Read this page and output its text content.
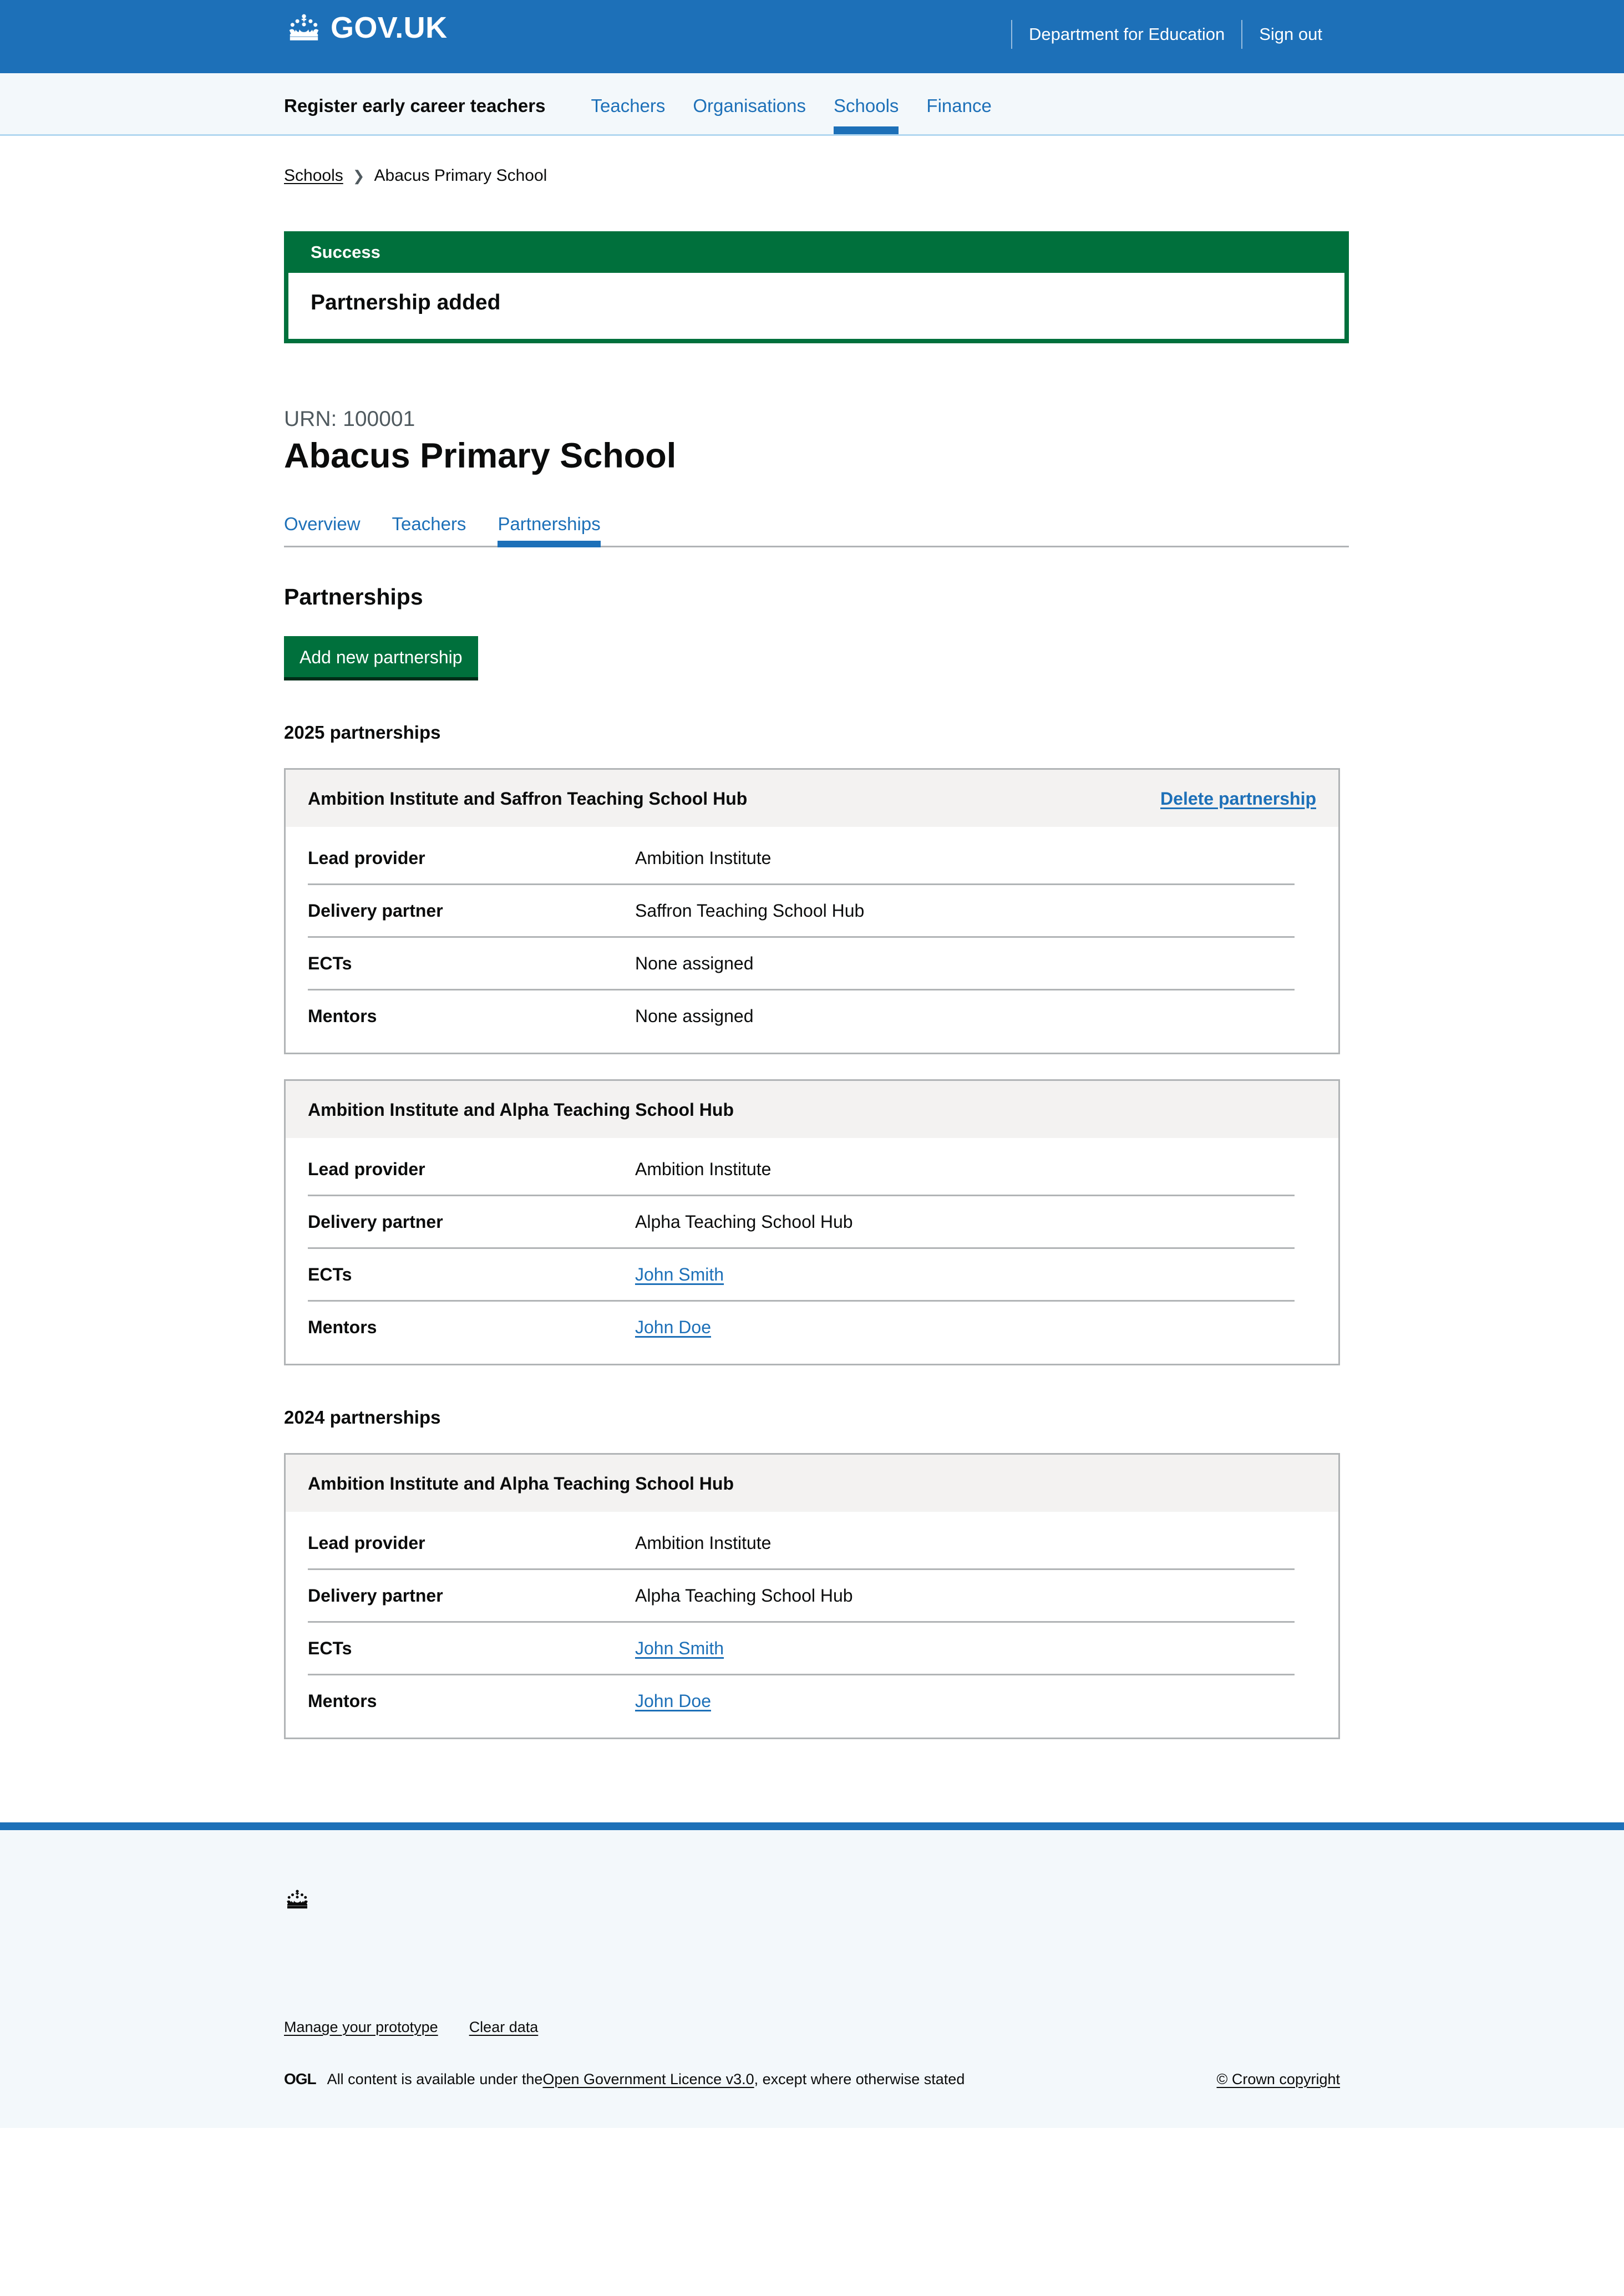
GOV.UK	Department for Education	Sign out
Register early career teachers	Teachers	Organisations	Schools	Finance
Schools ❯ Abacus Primary School
Success

Partnership added

URN: 100001
Abacus Primary School
Overview Teachers Partnerships
Partnerships
Add new partnership
2025 partnerships
Ambition Institute and Saffron Teaching School Hub	Delete partnership
Lead provider	Ambition Institute
Delivery partner	Saffron Teaching School Hub
ECTs	None assigned
Mentors	None assigned
Ambition Institute and Alpha Teaching School Hub
Lead provider	Ambition Institute
Delivery partner	Alpha Teaching School Hub
ECTs	John Smith
Mentors	John Doe
2024 partnerships
Ambition Institute and Alpha Teaching School Hub
Lead provider	Ambition Institute
Delivery partner	Alpha Teaching School Hub
ECTs	John Smith
Mentors	John Doe
Manage your prototype Clear data
OGL All content is available under the Open Government Licence v3.0 , except where otherwise stated	© Crown copyright
